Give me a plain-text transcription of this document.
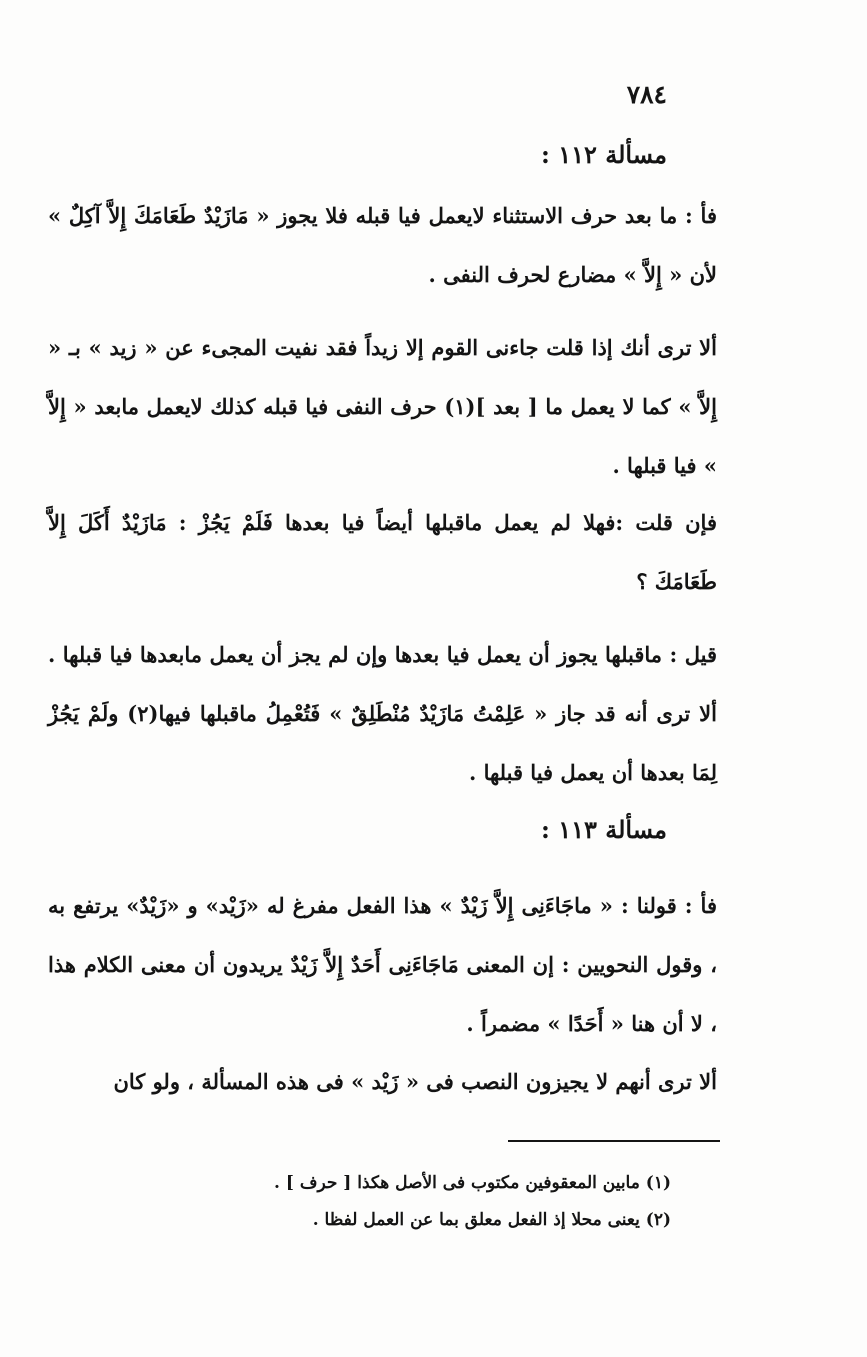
٧٨٤
مسألة ١١٢ :
فأ : ما بعد حرف الاستثناء لايعمل فيا قبله فلا يجوز « مَازَيْدٌ طَعَامَكَ إِلاَّ آكِلٌ » لأن « إِلاَّ » مضارع لحرف النفى .
ألا ترى أنك إذا قلت جاءنى القوم إلا زيداً فقد نفيت المجىء عن « زيد » بـ « إِلاَّ » كما لا يعمل ما [ بعد ](١) حرف النفى فيا قبله كذلك لايعمل مابعد « إِلاَّ » فيا قبلها .
فإن قلت :فهلا لم يعمل ماقبلها أيضاً فيا بعدها فَلَمْ يَجُزْ : مَازَيْدٌ أَكَلَ إِلاَّ طَعَامَكَ ؟
قيل : ماقبلها يجوز أن يعمل فيا بعدها وإن لم يجز أن يعمل مابعدها فيا قبلها . ألا ترى أنه قد جاز « عَلِمْتُ مَازَيْدٌ مُنْطَلِقٌ » فَتُعْمِلُ ماقبلها فيها(٢) ولَمْ يَجُزْ لِمَا بعدها أن يعمل فيا قبلها .
مسألة ١١٣ :
فأ : قولنا : « ماجَاءَنِى إِلاَّ زَيْدٌ » هذا الفعل مفرغ له «زَيْد» و «زَيْدٌ» يرتفع به ، وقول النحويين : إن المعنى مَاجَاءَنِى أَحَدٌ إِلاَّ زَيْدٌ يريدون أن معنى الكلام هذا ، لا أن هنا « أَحَدًا » مضمراً .
ألا ترى أنهم لا يجيزون النصب فى « زَيْد » فى هذه المسألة ، ولو كان
(١) مابين المعقوفين مكتوب فى الأصل هكذا [ حرف ] .
(٢) يعنى محلا إذ الفعل معلق بما عن العمل لفظا .
